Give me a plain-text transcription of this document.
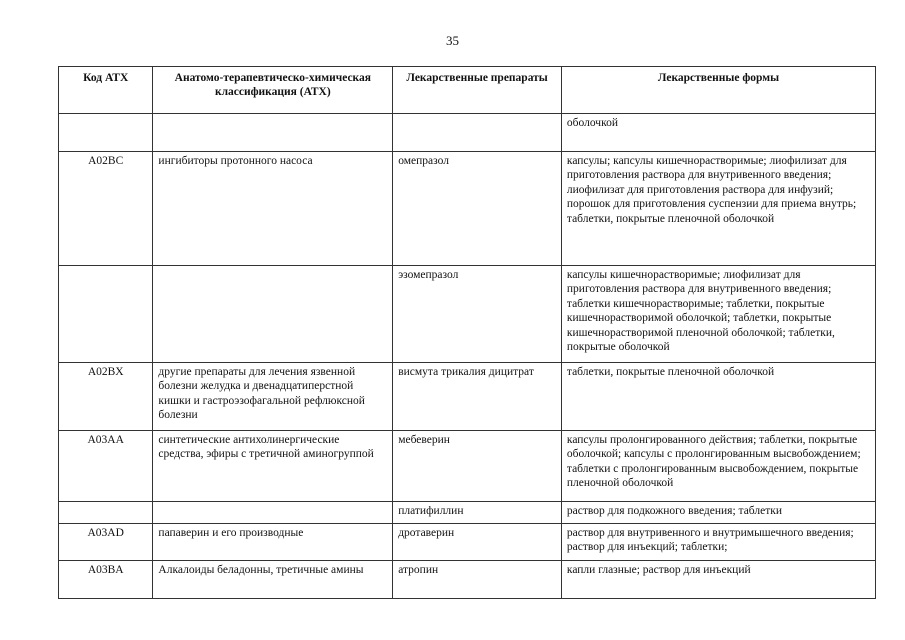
35
Код АТХ	Анатомо-терапевтическо-химическая классификация (АТХ)	Лекарственные препараты	Лекарственные формы
			оболочкой
A02BC	ингибиторы протонного насоса	омепразол	капсулы; капсулы кишечнорастворимые; лиофилизат для приготовления раствора для внутривенного введения; лиофилизат для приготовления раствора для инфузий; порошок для приготовления суспензии для приема внутрь; таблетки, покрытые пленочной оболочкой
		эзомепразол	капсулы кишечнорастворимые; лиофилизат для приготовления раствора для внутривенного введения; таблетки кишечнорастворимые; таблетки, покрытые кишечнорастворимой оболочкой; таблетки, покрытые кишечнорастворимой пленочной оболочкой; таблетки, покрытые оболочкой
A02BX	другие препараты для лечения язвенной болезни желудка и двенадцатиперстной кишки и гастроэзофагальной рефлюксной болезни	висмута трикалия дицитрат	таблетки, покрытые пленочной оболочкой
A03AA	синтетические антихолинергические средства, эфиры с третичной аминогруппой	мебеверин	капсулы пролонгированного действия; таблетки, покрытые оболочкой; капсулы с пролонгированным высвобождением; таблетки с пролонгированным высвобождением, покрытые пленочной оболочкой
		платифиллин	раствор для подкожного введения; таблетки
A03AD	папаверин и его производные	дротаверин	раствор для внутривенного и внутримышечного введения; раствор для инъекций; таблетки;
A03BA	Алкалоиды беладонны, третичные амины	атропин	капли глазные; раствор для инъекций
